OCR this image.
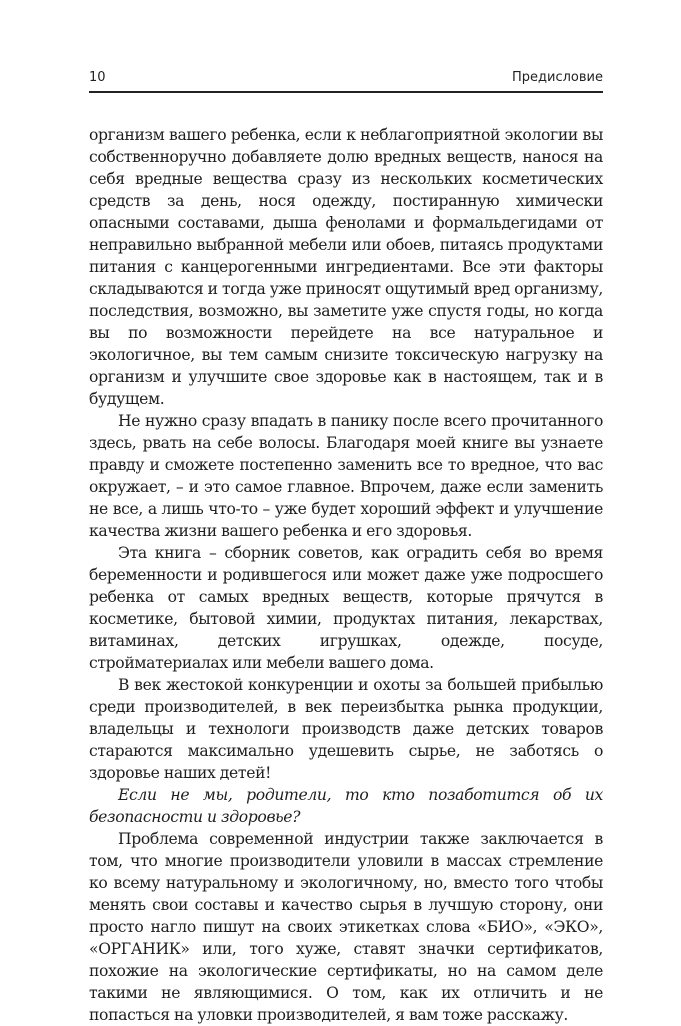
10	Предисловие

организм вашего ребенка, если к неблагоприятной экологии вы собственноручно добавляете долю вредных веществ, нанося на себя вредные вещества сразу из нескольких косметических средств за день, нося одежду, постиранную химически опасными составами, дыша фенолами и формальдегидами от неправильно выбранной мебели или обоев, питаясь продуктами питания с канцерогенными ингредиентами. Все эти факторы складываются и тогда уже приносят ощутимый вред организму, последствия, возможно, вы заметите уже спустя годы, но когда вы по возможности перейдете на все натуральное и экологичное, вы тем самым снизите токсическую нагрузку на организм и улучшите свое здоровье как в настоящем, так и в будущем.

Не нужно сразу впадать в панику после всего прочитанного здесь, рвать на себе волосы. Благодаря моей книге вы узнаете правду и сможете постепенно заменить все то вредное, что вас окружает, – и это самое главное. Впрочем, даже если заменить не все, а лишь что-то – уже будет хороший эффект и улучшение качества жизни вашего ребенка и его здоровья.

Эта книга – сборник советов, как оградить себя во время беременности и родившегося или может даже уже подросшего ребенка от самых вредных веществ, которые прячутся в косметике, бытовой химии, продуктах питания, лекарствах, витаминах, детских игрушках, одежде, посуде, стройматериалах или мебели вашего дома.

В век жестокой конкуренции и охоты за большей прибылью среди производителей, в век переизбытка рынка продукции, владельцы и технологи производств даже детских товаров стараются максимально удешевить сырье, не заботясь о здоровье наших детей!

Если не мы, родители, то кто позаботится об их безопасности и здоровье?

Проблема современной индустрии также заключается в том, что многие производители уловили в массах стремление ко всему натуральному и экологичному, но, вместо того чтобы менять свои составы и качество сырья в лучшую сторону, они просто нагло пишут на своих этикетках слова «БИО», «ЭКО», «ОРГАНИК» или, того хуже, ставят значки сертификатов, похожие на экологические сертификаты, но на самом деле такими не являющимися. О том, как их отличить и не попасться на уловки производителей, я вам тоже расскажу.
